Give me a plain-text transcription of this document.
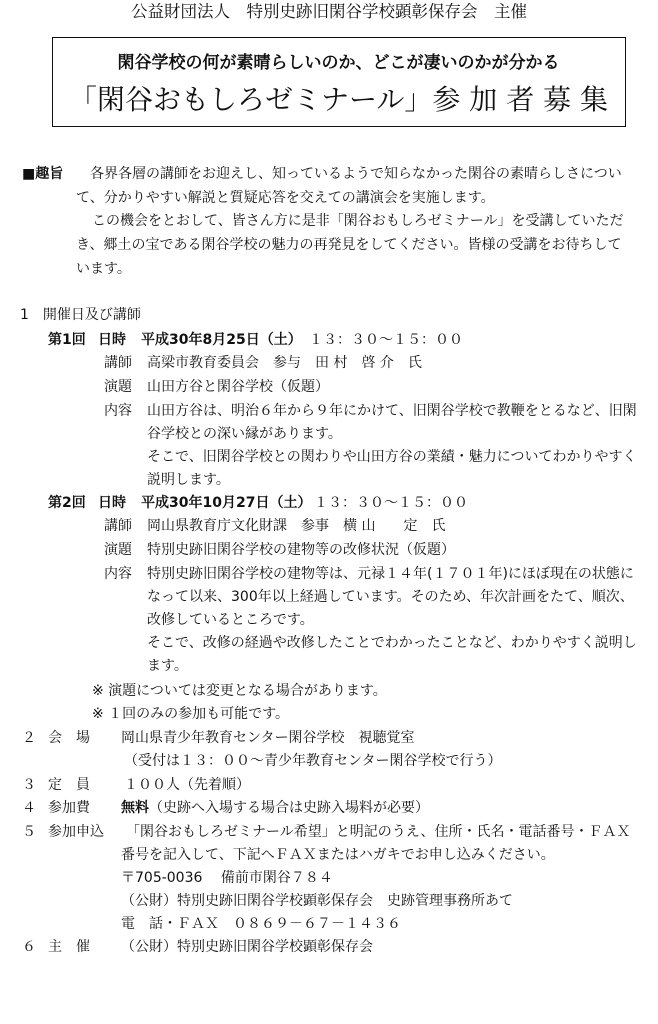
公益財団法人　特別史跡旧閑谷学校顕彰保存会　主催
閑谷学校の何が素晴らしいのか、どこが凄いのかが分かる
「閑谷おもしろゼミナール」参 加 者 募 集
■趣旨 各界各層の講師をお迎えし、知っているようで知らなかった閑谷の素晴らしさについ
て、分かりやすい解説と質疑応答を交えての講演会を実施します。
この機会をとおして、皆さん方に是非「閑谷おもしろゼミナール」を受講していただ
き、郷土の宝である閑谷学校の魅力の再発見をしてください。皆様の受講をお待ちして
います。
1　開催日及び講師
第1回 日時 平成30年8月25日（土） １３：３０～１５：００
講師 高梁市教育委員会　参与　田 村　啓 介　氏
演題 山田方谷と閑谷学校（仮題）
内容 山田方谷は、明治６年から９年にかけて、旧閑谷学校で教鞭をとるなど、旧閑
谷学校との深い縁があります。
そこで、旧閑谷学校との関わりや山田方谷の業績・魅力についてわかりやすく
説明します。
第2回 日時 平成30年10月27日（土） １３：３０～１５：００
講師 岡山県教育庁文化財課　参事　横 山　　定　氏
演題 特別史跡旧閑谷学校の建物等の改修状況（仮題）
内容 特別史跡旧閑谷学校の建物等は、元禄１４年(１７０１年)にほぼ現在の状態に
なって以来、300年以上経過しています。そのため、年次計画をたて、順次、
改修しているところです。
そこで、改修の経過や改修したことでわかったことなど、わかりやすく説明し
ます。
※ 演題については変更となる場合があります。
※ １回のみの参加も可能です。
２ 会　場 岡山県青少年教育センター閑谷学校　視聴覚室
（受付は１３：００～青少年教育センター閑谷学校で行う）
３ 定　員 １００人（先着順）
４ 参加費 無料 （史跡へ入場する場合は史跡入場料が必要）
５ 参加申込 「閑谷おもしろゼミナール希望」と明記のうえ、住所・氏名・電話番号・ＦＡＸ
番号を記入して、下記へＦＡＸまたはハガキでお申し込みください。
〒705-0036　 備前市閑谷７８４
（公財）特別史跡旧閑谷学校顕彰保存会　史跡管理事務所あて
電　話・ＦＡＸ　０８６９－６７－１４３６
６ 主　催 （公財）特別史跡旧閑谷学校顕彰保存会
